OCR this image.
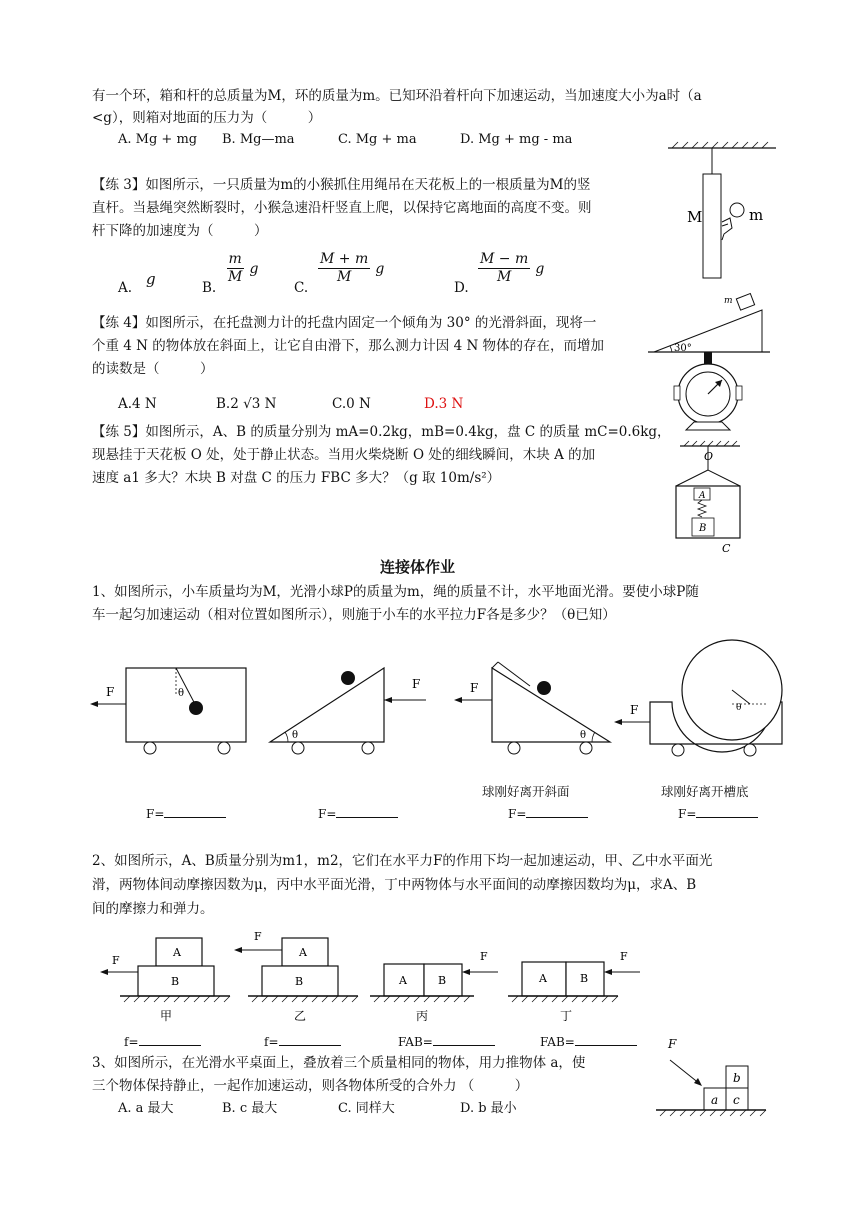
有一个环，箱和杆的总质量为M，环的质量为m。已知环沿着杆向下加速运动，当加速度大小为a时（a
<g），则箱对地面的压力为（　　　）
A. Mg + mg B. Mg—ma	C. Mg + ma	D. Mg + mg - ma
【练 3】如图所示，一只质量为m的小猴抓住用绳吊在天花板上的一根质量为M的竖
直杆。当悬绳突然断裂时，小猴急速沿杆竖直上爬，以保持它离地面的高度不变。则
杆下降的加速度为（　　　）
A. g	B.
$\frac{m}{M}$ g
C.
$\frac{M + m}{M}$ g
D.
$\frac{M - m}{M}$ g
M	m
【练 4】如图所示，在托盘测力计的托盘内固定一个倾角为 30° 的光滑斜面，现将一
个重 4 N 的物体放在斜面上，让它自由滑下，那么测力计因 4 N 物体的存在，而增加
的读数是（　　　）
A.4 N	B.2 √3 N	C.0 N	D.3 N
m
30°
【练 5】如图所示，A、B 的质量分别为 mA=0.2kg，mB=0.4kg，盘 C 的质量 mC=0.6kg，
现悬挂于天花板 O 处，处于静止状态。当用火柴烧断 O 处的细线瞬间，木块 A 的加
速度 a1 多大？木块 B 对盘 C 的压力 FBC 多大？（g 取 10m/s²）
O
A
B
C
连接体作业
1、如图所示，小车质量均为M，光滑小球P的质量为m，绳的质量不计，水平地面光滑。要使小球P随
车一起匀加速运动（相对位置如图所示），则施于小车的水平拉力F各是多少？（θ已知）
F	θ
θ
F	F
θ
F	θ
球刚好离开斜面	球刚好离开槽底
F=	F=	F=	F=
2、如图所示，A、B质量分别为m1，m2，它们在水平力F的作用下均一起加速运动，甲、乙中水平面光
滑，两物体间动摩擦因数为μ，丙中水平面光滑，丁中两物体与水平面间的动摩擦因数均为μ，求A、B
间的摩擦力和弹力。
A
B
F
甲
F
A
B
乙
A	B
F
丙
A	B
F
丁
f=	f=	FAB=	FAB=
3、如图所示，在光滑水平桌面上，叠放着三个质量相同的物体，用力推物体 a，使
三个物体保持静止，一起作加速运动，则各物体所受的合外力 （　　　）
A. a 最大	B. c 最大	C. 同样大	D. b 最小
F
a c
b
